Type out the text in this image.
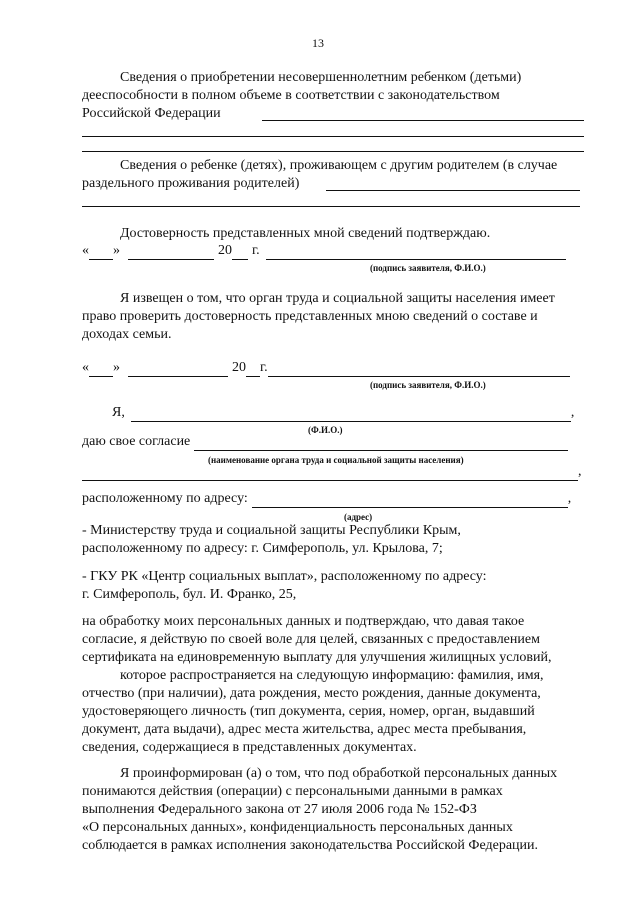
13
Сведения о приобретении несовершеннолетним ребенком (детьми)
дееспособности в полном объеме в соответствии с законодательством
Российской Федерации
Сведения о ребенке (детях), проживающем с другим родителем (в случае
раздельного проживания родителей)
Достоверность представленных мной сведений подтверждаю.
« »	20 г.
(подпись заявителя, Ф.И.О.)
Я извещен о том, что орган труда и социальной защиты населения имеет
право проверить достоверность представленных мною сведений о составе и
доходах семьи.
« »	20 г.
(подпись заявителя, Ф.И.О.)
Я,	,
(Ф.И.О.)
даю свое согласие
(наименование органа труда и социальной защиты населения)
,
расположенному по адресу:	,
(адрес)
- Министерству труда и социальной защиты Республики Крым,
расположенному по адресу: г. Симферополь, ул. Крылова, 7;
- ГКУ РК «Центр социальных выплат», расположенному по адресу:
г. Симферополь, бул. И. Франко, 25,
на обработку моих персональных данных и подтверждаю, что давая такое
согласие, я действую по своей воле для целей, связанных с предоставлением
сертификата на единовременную выплату для улучшения жилищных условий,
которое распространяется на следующую информацию: фамилия, имя,
отчество (при наличии), дата рождения, место рождения, данные документа,
удостоверяющего личность (тип документа, серия, номер, орган, выдавший
документ, дата выдачи), адрес места жительства, адрес места пребывания,
сведения, содержащиеся в представленных документах.
Я проинформирован (а) о том, что под обработкой персональных данных
понимаются действия (операции) с персональными данными в рамках
выполнения Федерального закона от 27 июля 2006 года № 152-ФЗ
«О персональных данных», конфиденциальность персональных данных
соблюдается в рамках исполнения законодательства Российской Федерации.
